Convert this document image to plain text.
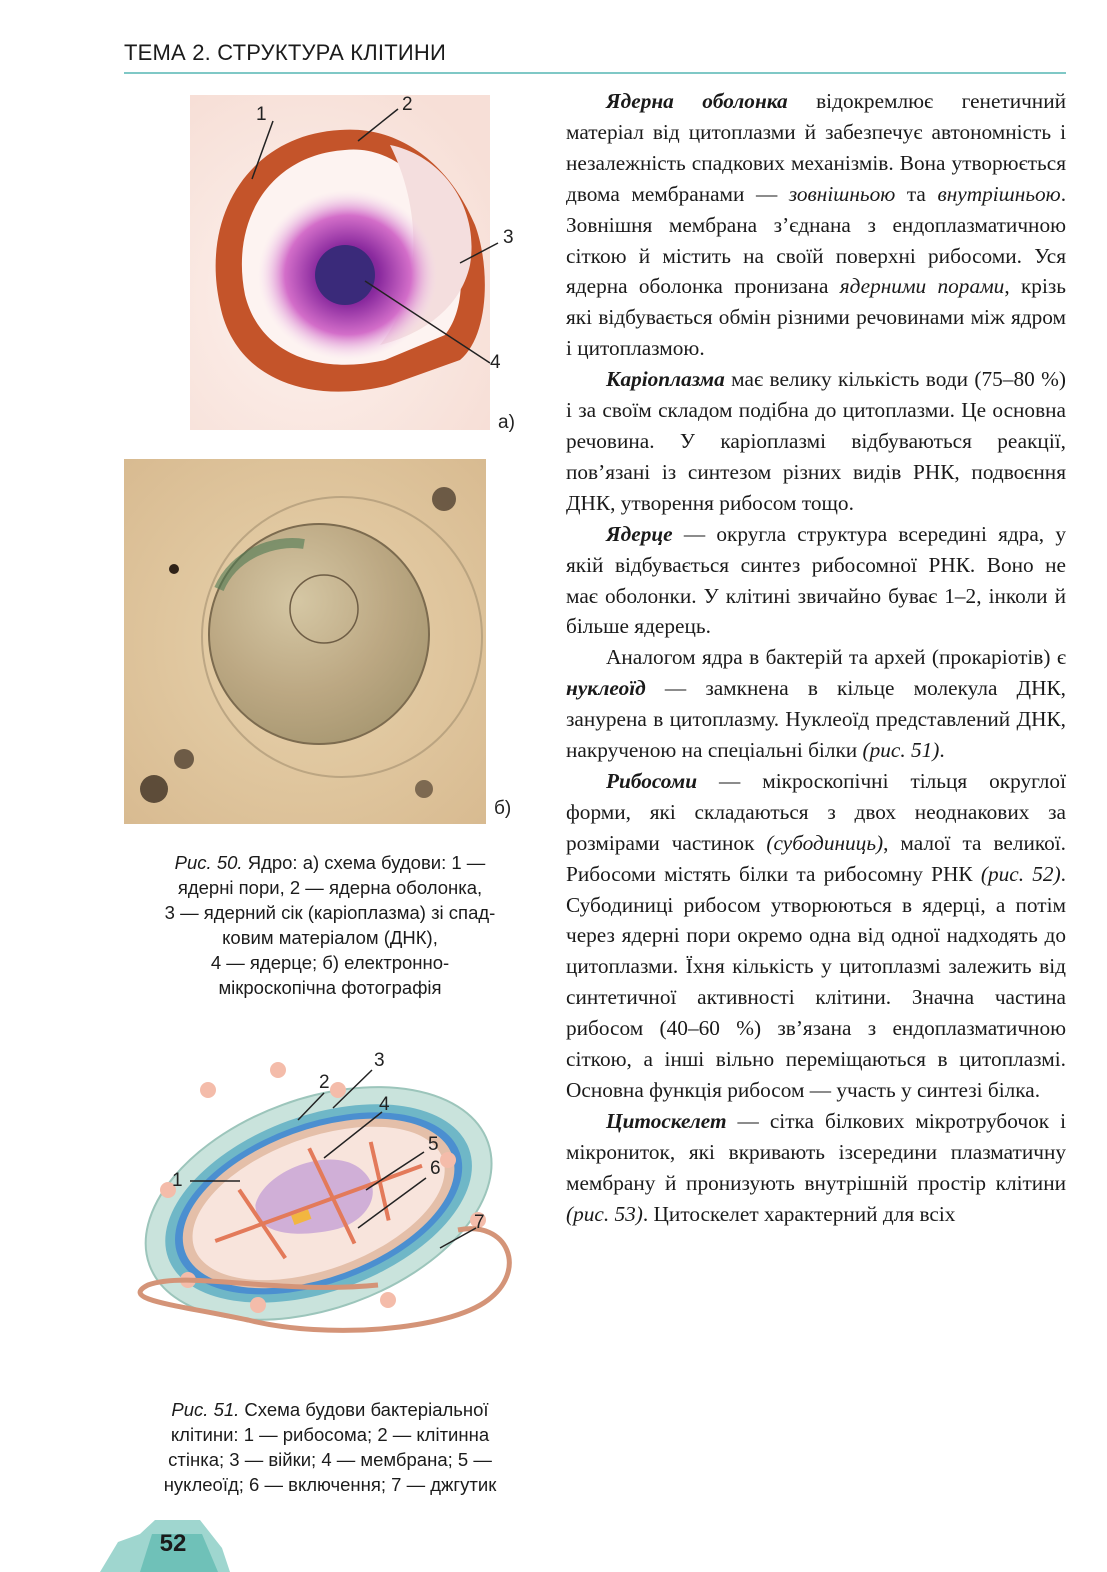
ТЕМА 2. СТРУКТУРА КЛІТИНИ
1	2
3
4
а)
б)
Рис. 50. Ядро: а) схема будови: 1 —
ядерні пори, 2 — ядерна оболонка,
3 — ядерний сік (каріоплазма) зі спад-
ковим матеріалом (ДНК),
4 — ядерце; б) електронно-
мікроскопічна фотографія
1
2
3
4
5
6
7
Рис. 51. Схема будови бактеріальної
клітини: 1 — рибосома; 2 — клітинна
стінка; 3 — війки; 4 — мембрана; 5 —
нуклеоїд; 6 — включення; 7 — джгутик

Ядерна оболонка відокремлює генетичний матеріал від цитоплазми й забезпечує автономність і незалежність спадкових механізмів. Вона утворюється двома мембранами — зовнішньою та внутрішньою. Зовнішня мембрана з’єднана з ендоплазматичною сіткою й містить на своїй поверхні рибосоми. Уся ядерна оболонка пронизана ядерними порами, крізь які відбувається обмін різними речовинами між ядром і цитоплазмою.

Каріоплазма має велику кількість води (75–80 %) і за своїм складом подібна до цитоплазми. Це основна речовина. У каріоплазмі відбуваються реакції, пов’язані із синтезом різних видів РНК, подвоєння ДНК, утворення рибосом тощо.

Ядерце — округла структура всередині ядра, у якій відбувається синтез рибосомної РНК. Воно не має оболонки. У клітині звичайно буває 1–2, інколи й більше ядерець.

Аналогом ядра в бактерій та архей (прокаріотів) є нуклеоїд — замкнена в кільце молекула ДНК, занурена в цитоплазму. Нуклеоїд представлений ДНК, накрученою на спеціальні білки (рис. 51).

Рибосоми — мікроскопічні тільця округлої форми, які складаються з двох неоднакових за розмірами частинок (субодиниць), малої та великої. Рибосоми містять білки та рибосомну РНК (рис. 52). Субодиниці рибосом утворюються в ядерці, а потім через ядерні пори окремо одна від одної надходять до цитоплазми. Їхня кількість у цитоплазмі залежить від синтетичної активності клітини. Значна частина рибосом (40–60 %) зв’язана з ендоплазматичною сіткою, а інші вільно переміщаються в цитоплазмі. Основна функція рибосом — участь у синтезі білка.

Цитоскелет — сітка білкових мікротрубочок і мікрониток, які вкривають ізсередини плазматичну мембрану й пронизують внутрішній простір клітини (рис. 53). Цитоскелет характерний для всіх

52
